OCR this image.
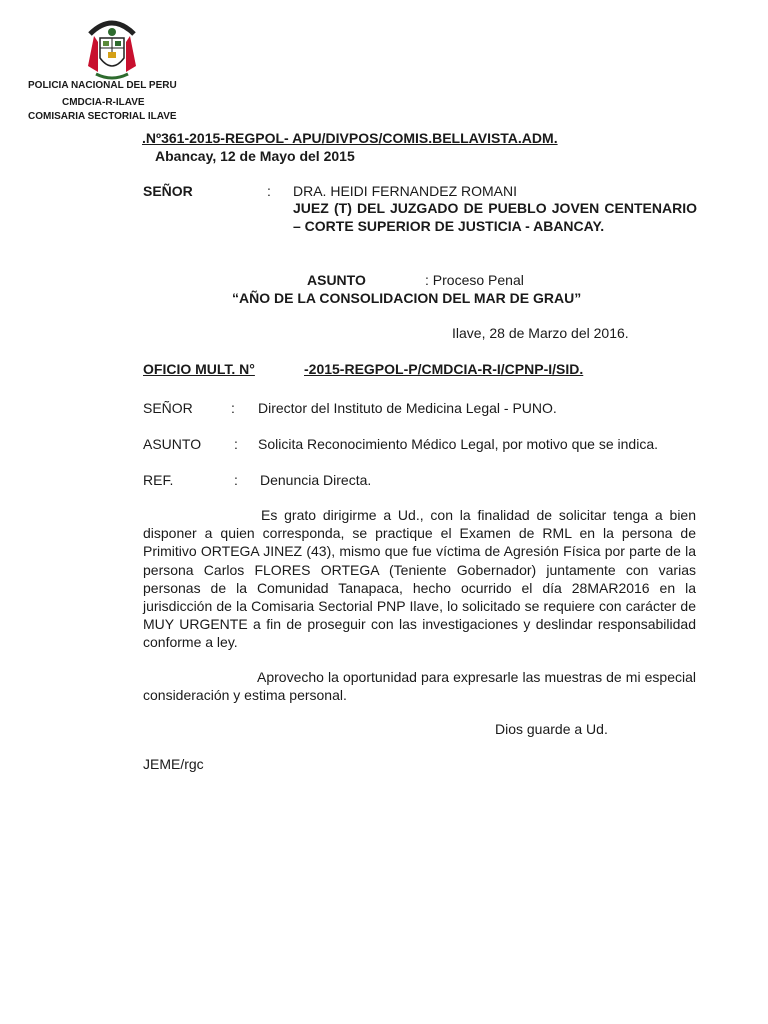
POLICIA NACIONAL DEL PERU
CMDCIA-R-ILAVE
COMISARIA SECTORIAL ILAVE
.Nº361-2015-REGPOL- APU/DIVPOS/COMIS.BELLAVISTA.ADM.
Abancay, 12 de Mayo del 2015
SEÑOR	: DRA. HEIDI FERNANDEZ ROMANI
JUEZ (T) DEL JUZGADO DE PUEBLO JOVEN CENTENARIO – CORTE SUPERIOR DE JUSTICIA - ABANCAY.
ASUNTO	: Proceso Penal
“AÑO DE LA CONSOLIDACION DEL MAR DE GRAU”
Ilave, 28 de Marzo del 2016.
OFICIO MULT. N°	-2015-REGPOL-P/CMDCIA-R-I/CPNP-I/SID.
SEÑOR	: Director del Instituto de Medicina Legal - PUNO.
ASUNTO : Solicita Reconocimiento Médico Legal, por motivo que se indica.
REF.	: Denuncia Directa.
Es grato dirigirme a Ud., con la finalidad de solicitar tenga a bien disponer a quien corresponda, se practique el Examen de RML en la persona de Primitivo ORTEGA JINEZ (43), mismo que fue víctima de Agresión Física por parte de la persona Carlos FLORES ORTEGA (Teniente Gobernador) juntamente con varias personas de la Comunidad Tanapaca, hecho ocurrido el día 28MAR2016 en la jurisdicción de la Comisaria Sectorial PNP Ilave, lo solicitado se requiere con carácter de MUY URGENTE a fin de proseguir con las investigaciones y deslindar responsabilidad conforme a ley.
Aprovecho la oportunidad para expresarle las muestras de mi especial consideración y estima personal.
Dios guarde a Ud.
JEME/rgc
